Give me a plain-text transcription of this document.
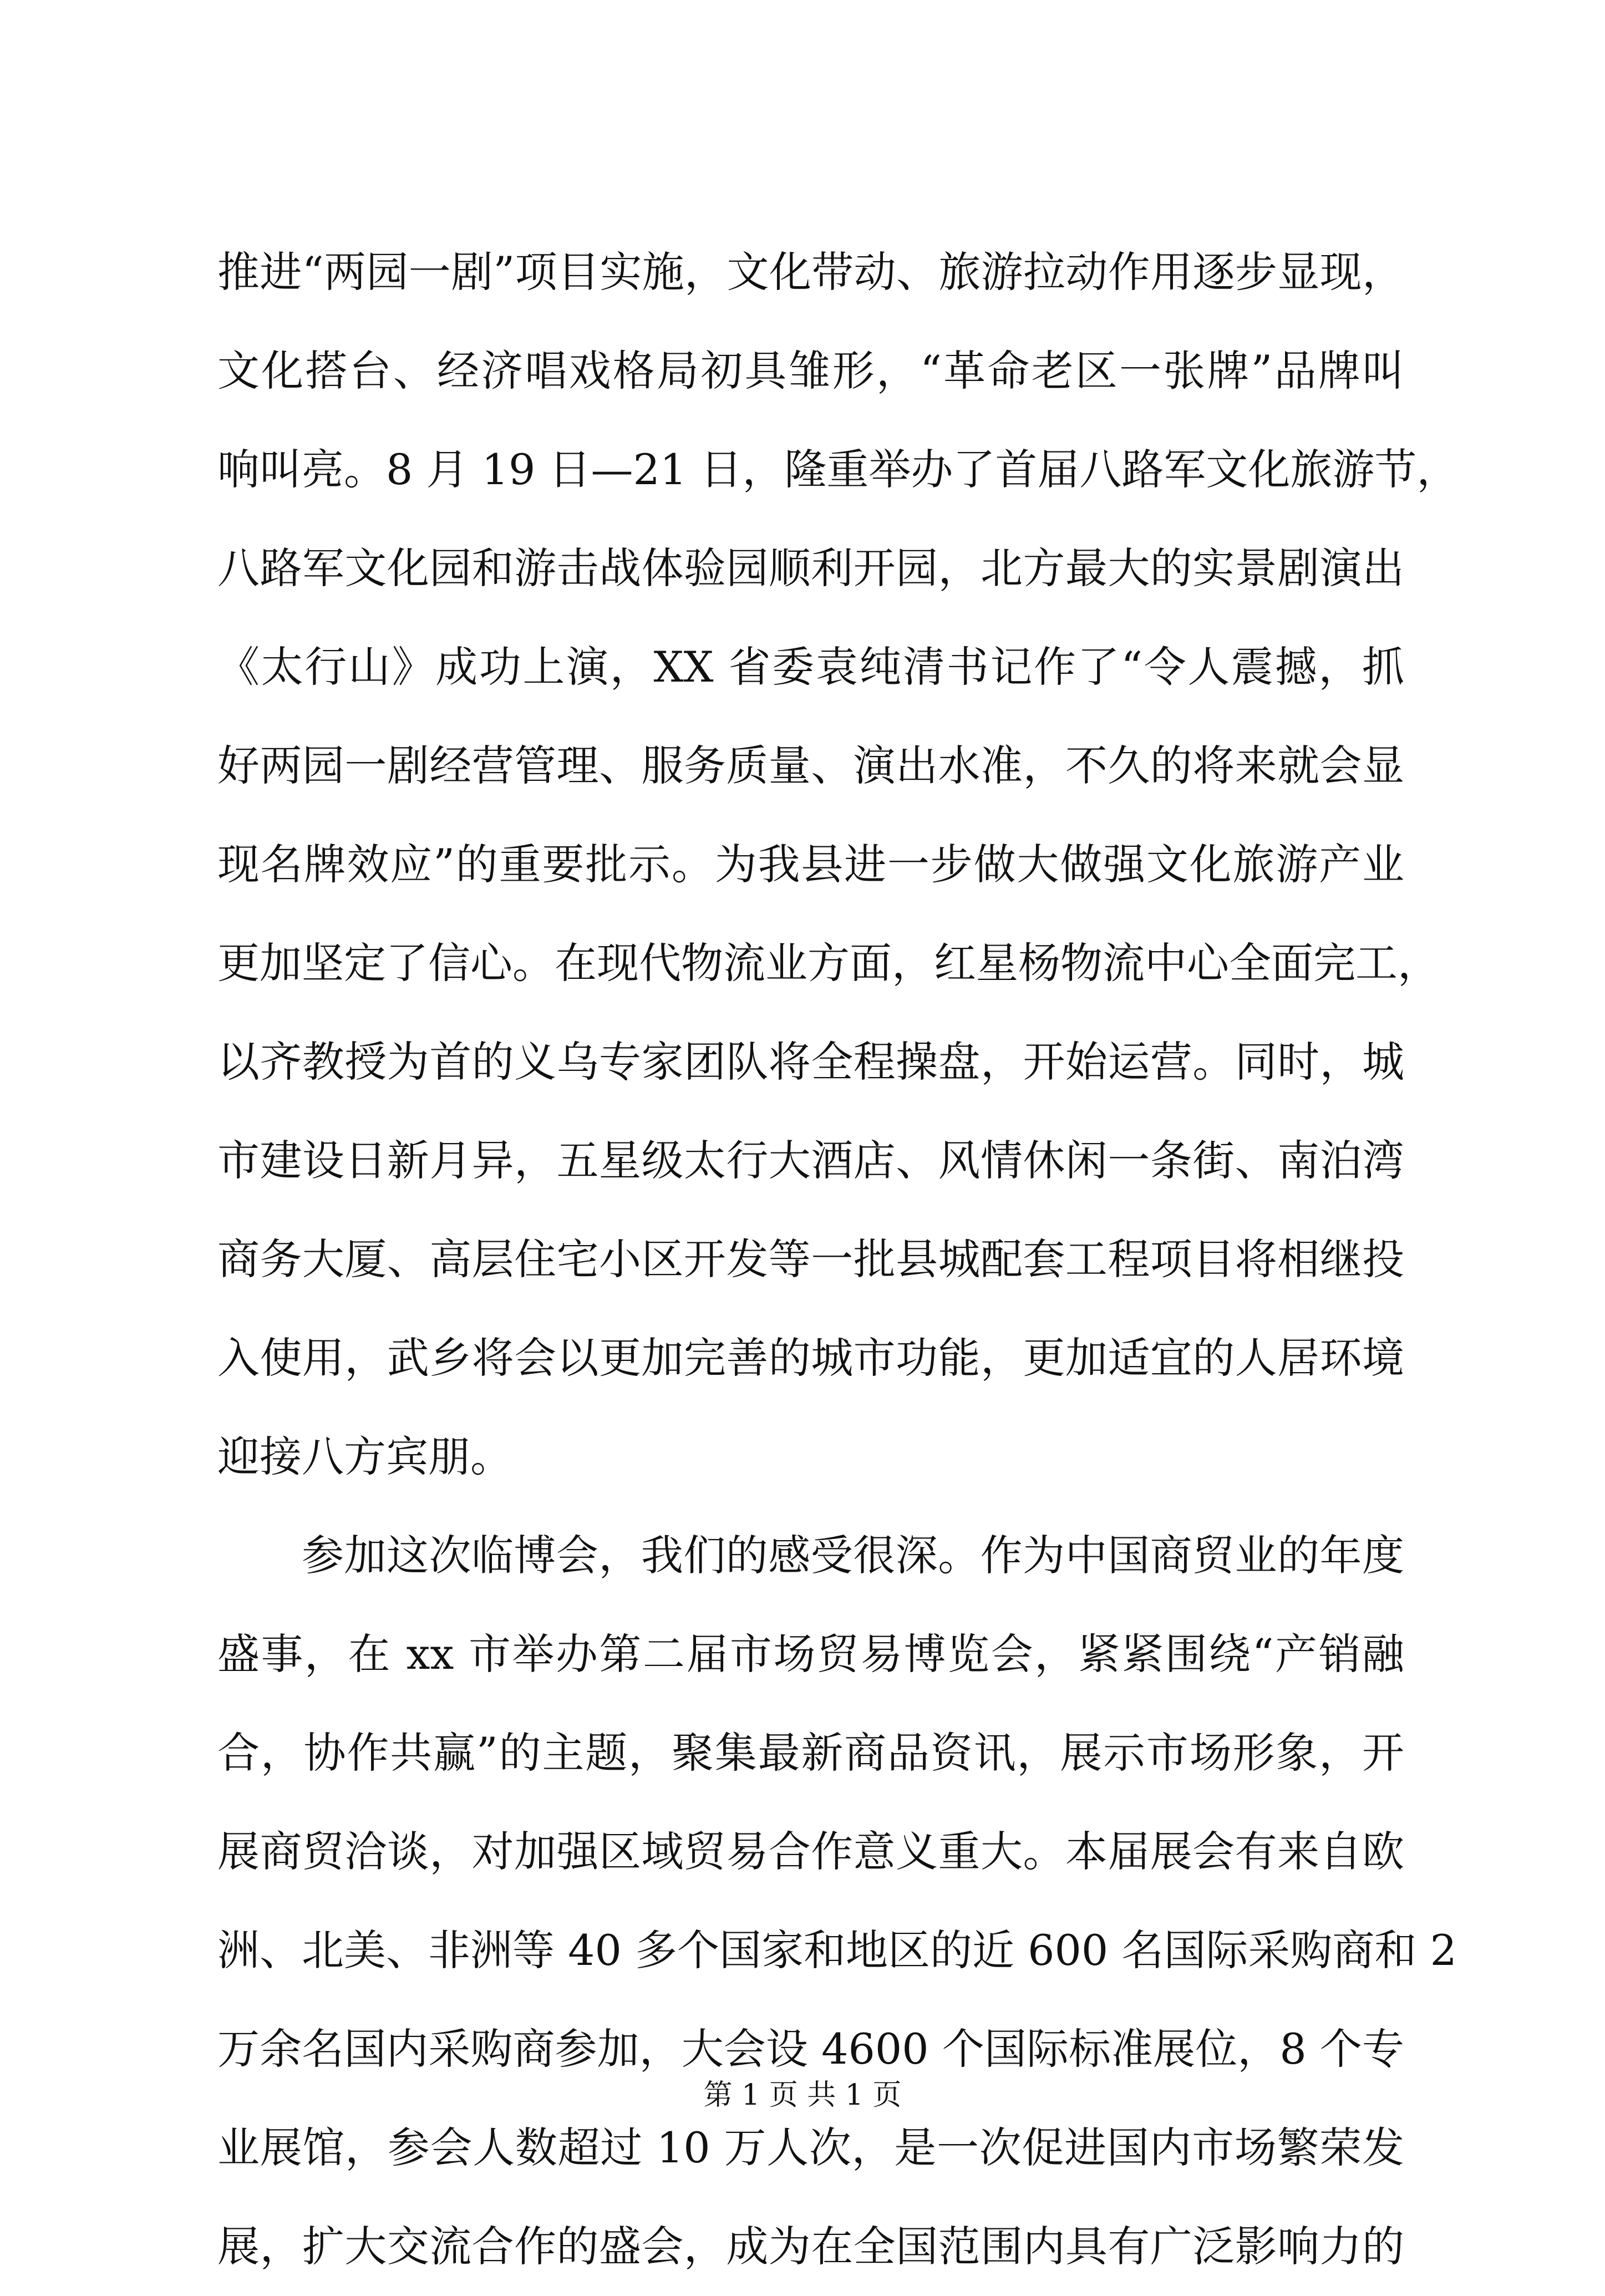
推进“两园一剧”项目实施，文化带动、旅游拉动作用逐步显现，
文化搭台、经济唱戏格局初具雏形，“革命老区一张牌”品牌叫
响叫亮。8 月 19 日—21 日，隆重举办了首届八路军文化旅游节，
八路军文化园和游击战体验园顺利开园，北方最大的实景剧演出
《太行山》成功上演，XX 省委袁纯清书记作了“令人震撼，抓
好两园一剧经营管理、服务质量、演出水准，不久的将来就会显
现名牌效应”的重要批示。为我县进一步做大做强文化旅游产业
更加坚定了信心。在现代物流业方面，红星杨物流中心全面完工，
以齐教授为首的义乌专家团队将全程操盘，开始运营。同时，城
市建设日新月异，五星级太行大酒店、风情休闲一条街、南泊湾
商务大厦、高层住宅小区开发等一批县城配套工程项目将相继投
入使用，武乡将会以更加完善的城市功能，更加适宜的人居环境
迎接八方宾朋。
参加这次临博会，我们的感受很深。作为中国商贸业的年度
盛事，在 xx 市举办第二届市场贸易博览会，紧紧围绕“产销融
合，协作共赢”的主题，聚集最新商品资讯，展示市场形象，开
展商贸洽谈，对加强区域贸易合作意义重大。本届展会有来自欧
洲、北美、非洲等 40 多个国家和地区的近 600 名国际采购商和 2
万余名国内采购商参加，大会设 4600 个国际标准展位，8 个专
业展馆，参会人数超过 10 万人次，是一次促进国内市场繁荣发
展，扩大交流合作的盛会，成为在全国范围内具有广泛影响力的
第 1 页 共 1 页
